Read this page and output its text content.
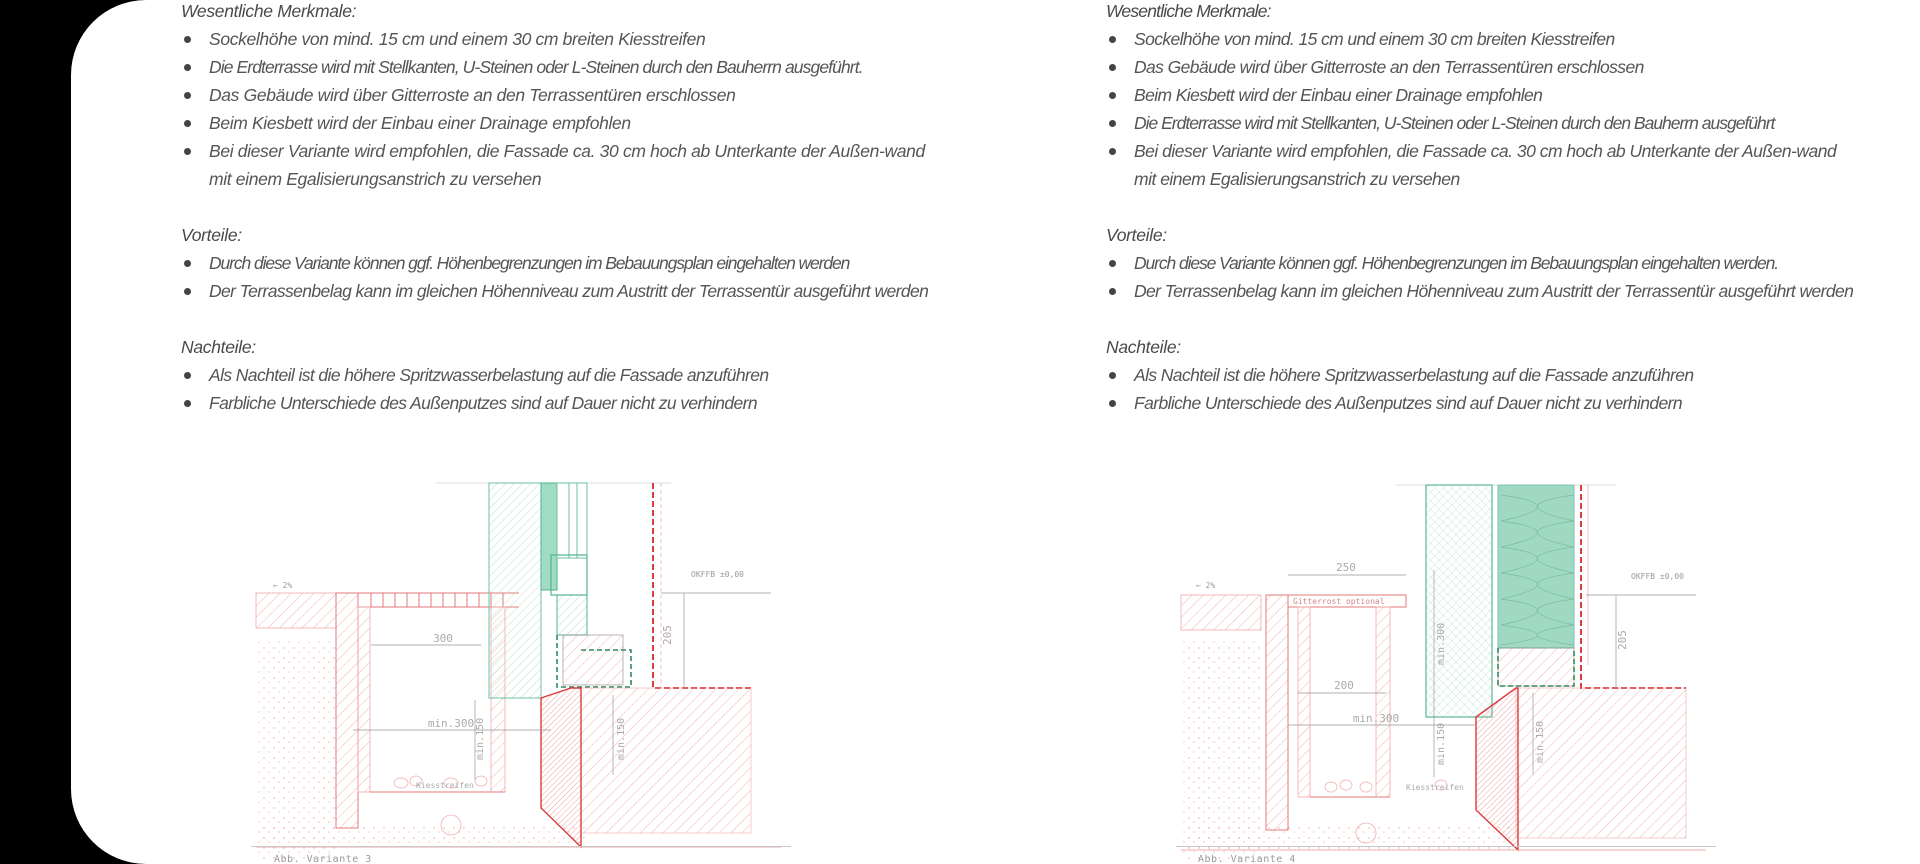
Wesentliche Merkmale:
Sockelhöhe von mind. 15 cm und einem 30 cm breiten Kiesstreifen
Die Erdterrasse wird mit Stellkanten, U-Steinen oder L-Steinen durch den Bauherrn ausgeführt.
Das Gebäude wird über Gitterroste an den Terrassentüren erschlossen
Beim Kiesbett wird der Einbau einer Drainage empfohlen
Bei dieser Variante wird empfohlen, die Fassade ca. 30 cm hoch ab Unterkante der Außen-wand mit einem Egalisierungsanstrich zu versehen
Vorteile:
Durch diese Variante können ggf. Höhenbegrenzungen im Bebauungsplan eingehalten werden
Der Terrassenbelag kann im gleichen Höhenniveau zum Austritt der Terrassentür ausgeführt werden
Nachteile:
Als Nachteil ist die höhere Spritzwasserbelastung auf die Fassade anzuführen
Farbliche Unterschiede des Außenputzes sind auf Dauer nicht zu verhindern
← 2%
300
min.300
OKFFB ±0,00
Kiesstreifen
205
min.150	min.150
Abb. Variante 3
Wesentliche Merkmale:
Sockelhöhe von mind. 15 cm und einem 30 cm breiten Kiesstreifen
Das Gebäude wird über Gitterroste an den Terrassentüren erschlossen
Beim Kiesbett wird der Einbau einer Drainage empfohlen
Die Erdterrasse wird mit Stellkanten, U-Steinen oder L-Steinen durch den Bauherrn ausgeführt
Bei dieser Variante wird empfohlen, die Fassade ca. 30 cm hoch ab Unterkante der Außen-wand mit einem Egalisierungsanstrich zu versehen
Vorteile:
Durch diese Variante können ggf. Höhenbegrenzungen im Bebauungsplan eingehalten werden.
Der Terrassenbelag kann im gleichen Höhenniveau zum Austritt der Terrassentür ausgeführt werden
Nachteile:
Als Nachteil ist die höhere Spritzwasserbelastung auf die Fassade anzuführen
Farbliche Unterschiede des Außenputzes sind auf Dauer nicht zu verhindern
← 2%
250
Gitterrost optional
200
min.300
min.300
min.150	min.150
OKFFB ±0,00
Kiesstreifen
205
Abb. Variante 4
